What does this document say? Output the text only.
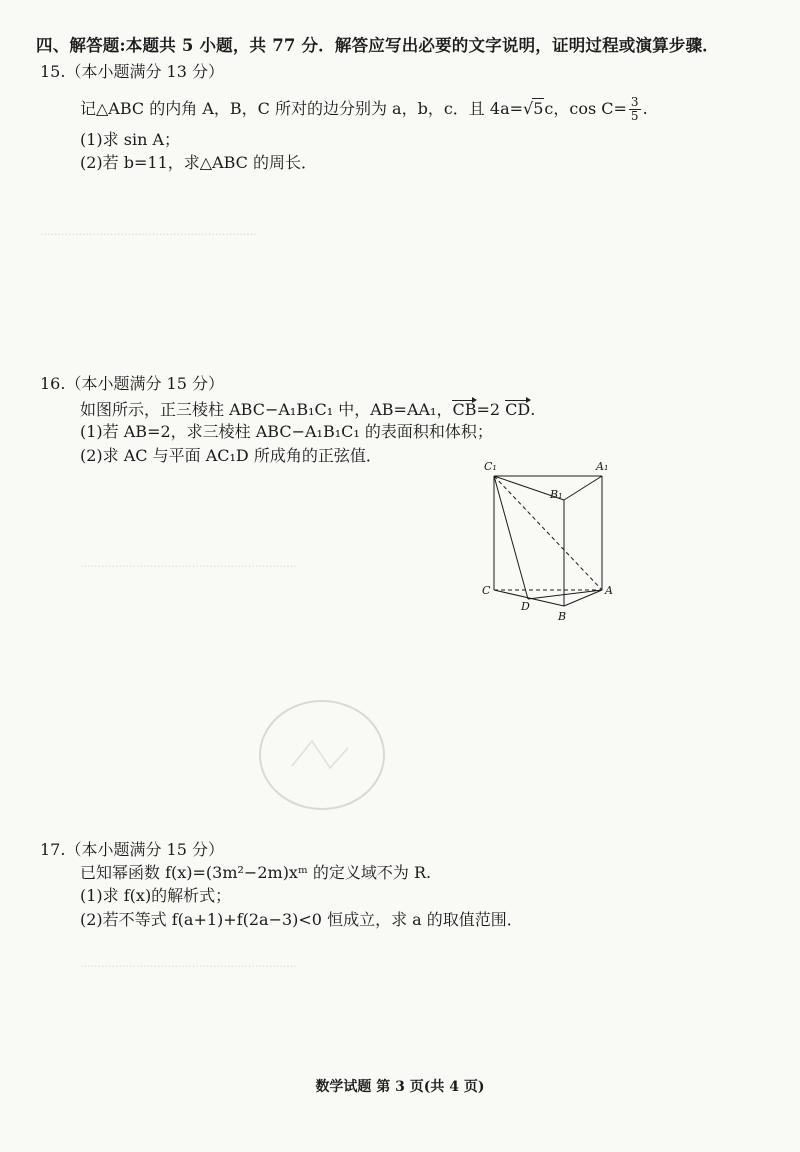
······························································
······························································
······························································
四、解答题:本题共 5 小题，共 77 分．解答应写出必要的文字说明，证明过程或演算步骤．
15.（本小题满分 13 分）
记△ABC 的内角 A，B，C 所对的边分别为 a，b，c．且 4a=√5c，$\cos C= \frac{3}{5}$ .
(1)求 sin A；
(2)若 b=11，求△ABC 的周长．
16.（本小题满分 15 分）
如图所示，正三棱柱 ABC−A₁B₁C₁ 中，AB=AA₁，CB=2 CD.
(1)若 AB=2，求三棱柱 ABC−A₁B₁C₁ 的表面积和体积；
(2)求 AC 与平面 AC₁D 所成角的正弦值．
C₁	A₁
B₁
C	A
D
B
17.（本小题满分 15 分）
已知幂函数 f(x)=(3m²−2m)xᵐ 的定义域不为 R.
(1)求 f(x)的解析式；
(2)若不等式 f(a+1)+f(2a−3)<0 恒成立，求 a 的取值范围．
数学试题 第 3 页(共 4 页)
